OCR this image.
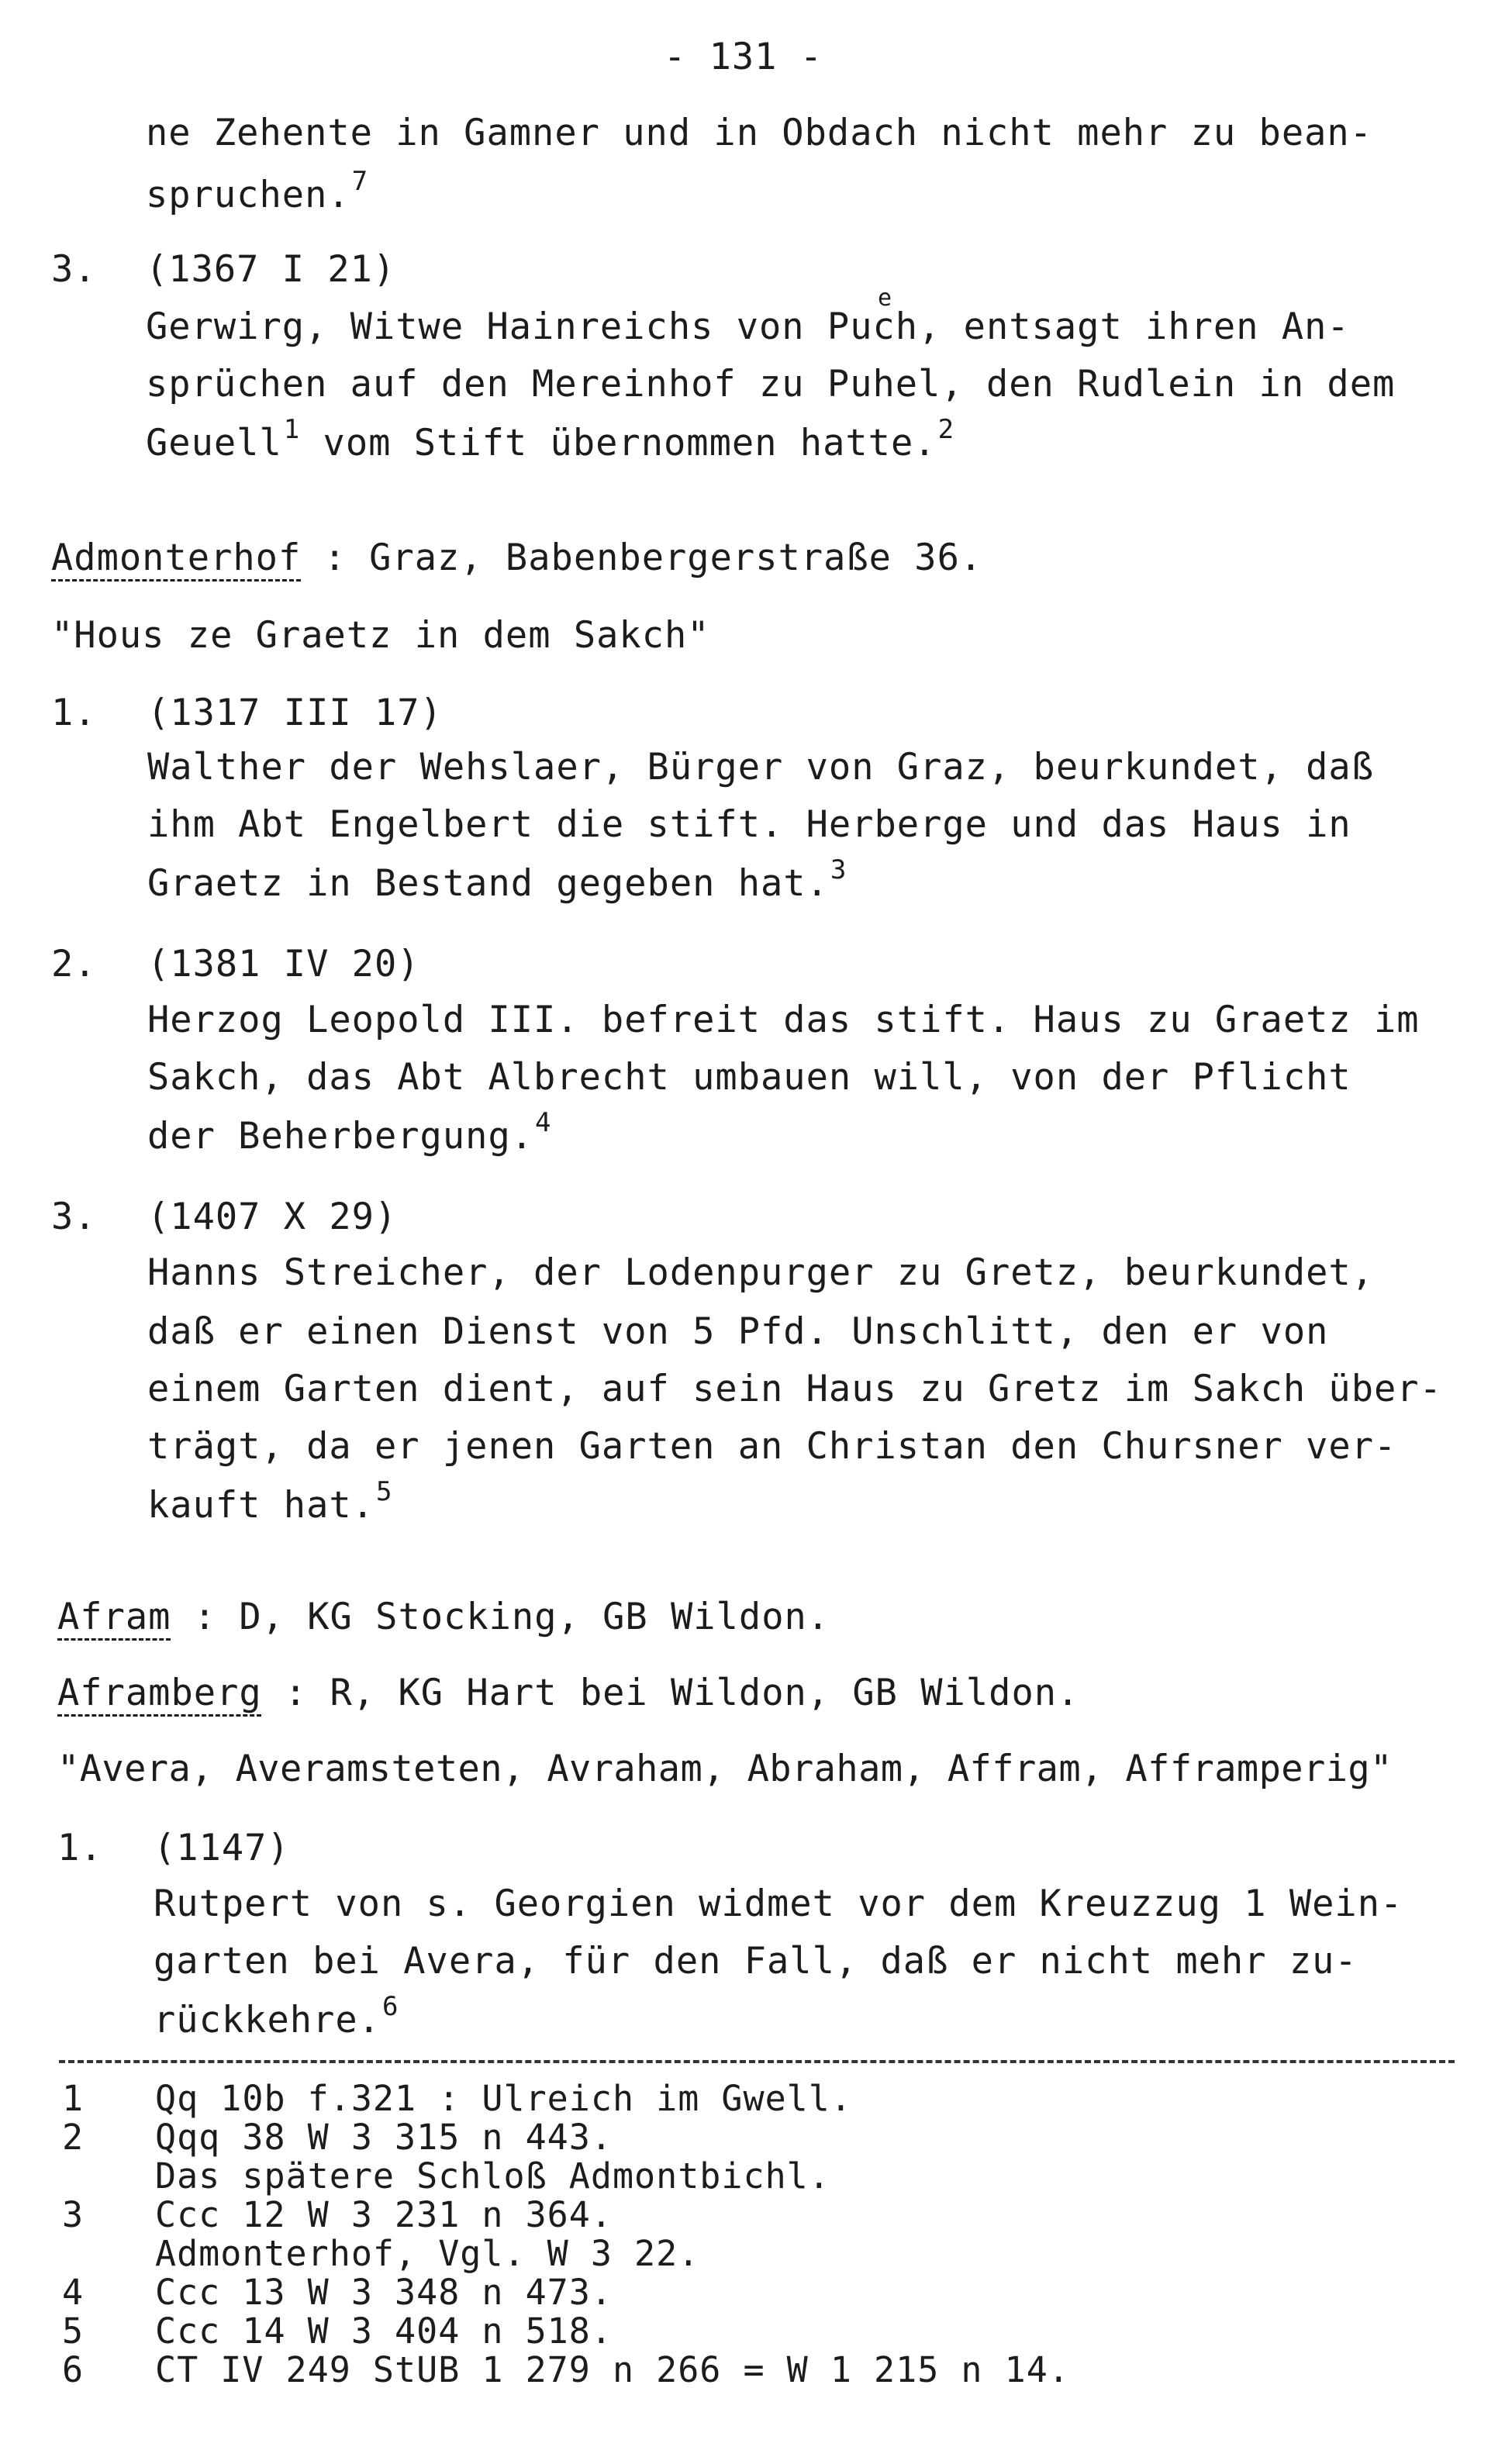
- 131 -
ne Zehente in Gamner und in Obdach nicht mehr zu bean-
spruchen.$^7$
3. (1367 I 21)
e
Gerwirg, Witwe Hainreichs von Puch, entsagt ihren An-
sprüchen auf den Mereinhof zu Puhel, den Rudlein in dem
Geuell$^1$ vom Stift übernommen hatte.$^2$
Admonterhof : Graz, Babenbergerstraße 36.
"Hous ze Graetz in dem Sakch"
1. (1317 III 17)
Walther der Wehslaer, Bürger von Graz, beurkundet, daß
ihm Abt Engelbert die stift. Herberge und das Haus in
Graetz in Bestand gegeben hat.$^3$
2. (1381 IV 20)
Herzog Leopold III. befreit das stift. Haus zu Graetz im
Sakch, das Abt Albrecht umbauen will, von der Pflicht
der Beherbergung.$^4$
3. (1407 X 29)
Hanns Streicher, der Lodenpurger zu Gretz, beurkundet,
daß er einen Dienst von 5 Pfd. Unschlitt, den er von
einem Garten dient, auf sein Haus zu Gretz im Sakch über-
trägt, da er jenen Garten an Christan den Chursner ver-
kauft hat.$^5$
Afram : D, KG Stocking, GB Wildon.
Aframberg : R, KG Hart bei Wildon, GB Wildon.
"Avera, Averamsteten, Avraham, Abraham, Affram, Afframperig"
1. (1147)
Rutpert von s. Georgien widmet vor dem Kreuzzug 1 Wein-
garten bei Avera, für den Fall, daß er nicht mehr zu-
rückkehre.$^6$
1 Qq 10b f.321 : Ulreich im Gwell.
2 Qqq 38 W 3 315 n 443.
Das spätere Schloß Admontbichl.
3 Ccc 12 W 3 231 n 364.
Admonterhof, Vgl. W 3 22.
4 Ccc 13 W 3 348 n 473.
5 Ccc 14 W 3 404 n 518.
6 CT IV 249 StUB 1 279 n 266 = W 1 215 n 14.
